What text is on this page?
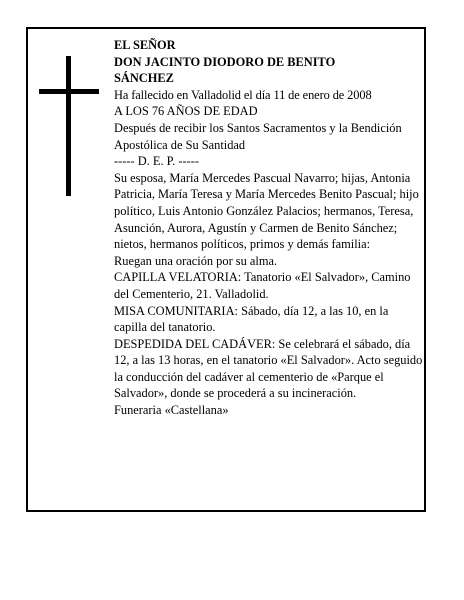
EL SEÑOR

DON JACINTO DIODORO DE BENITO

SÁNCHEZ

Ha fallecido en Valladolid el día 11 de enero de 2008

A LOS 76 AÑOS DE EDAD

Después de recibir los Santos Sacramentos y la Bendición Apostólica de Su Santidad

----- D. E. P. -----

Su esposa, María Mercedes Pascual Navarro; hijas, Antonia Patricia, María Teresa y María Mercedes Benito Pascual; hijo político, Luis Antonio González Palacios; hermanos, Teresa, Asunción, Aurora, Agustín y Carmen de Benito Sánchez; nietos, hermanos políticos, primos y demás familia:

Ruegan una oración por su alma.

CAPILLA VELATORIA: Tanatorio «El Salvador», Camino del Cementerio, 21. Valladolid.

MISA COMUNITARIA: Sábado, día 12, a las 10, en la capilla del tanatorio.

DESPEDIDA DEL CADÁVER: Se celebrará el sábado, día 12, a las 13 horas, en el tanatorio «El Salvador». Acto seguido la conducción del cadáver al cementerio de «Parque el Salvador», donde se procederá a su incineración.

Funeraria «Castellana»
